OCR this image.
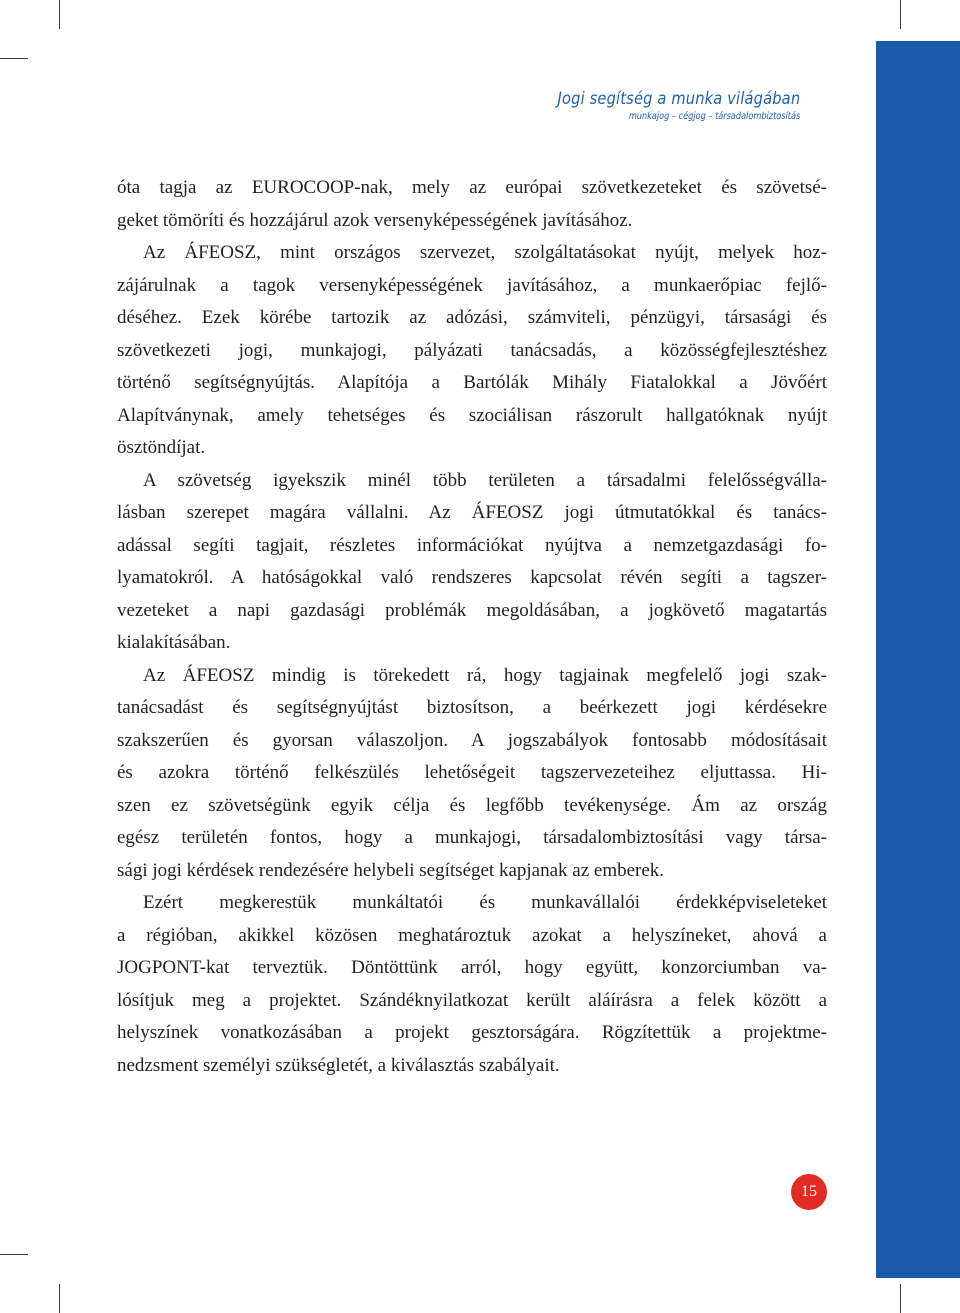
Jogi segítség a munka világában
munkajog – cégjog – társadalombiztosítás

óta tagja az EUROCOOP-nak, mely az európai szövetkezeteket és szövetsé-

geket tömöríti és hozzájárul azok versenyképességének javításához.

Az ÁFEOSZ, mint országos szervezet, szolgáltatásokat nyújt, melyek hoz-

zájárulnak a tagok versenyképességének javításához, a munkaerőpiac fejlő-

déséhez. Ezek körébe tartozik az adózási, számviteli, pénzügyi, társasági és

szövetkezeti jogi, munkajogi, pályázati tanácsadás, a közösségfejlesztéshez

történő segítségnyújtás. Alapítója a Bartólák Mihály Fiatalokkal a Jövőért

Alapítványnak, amely tehetséges és szociálisan rászorult hallgatóknak nyújt

ösztöndíjat.

A szövetség igyekszik minél több területen a társadalmi felelősségválla-

lásban szerepet magára vállalni. Az ÁFEOSZ jogi útmutatókkal és tanács-

adással segíti tagjait, részletes információkat nyújtva a nemzetgazdasági fo-

lyamatokról. A hatóságokkal való rendszeres kapcsolat révén segíti a tagszer-

vezeteket a napi gazdasági problémák megoldásában, a jogkövető magatartás

kialakításában.

Az ÁFEOSZ mindig is törekedett rá, hogy tagjainak megfelelő jogi szak-

tanácsadást és segítségnyújtást biztosítson, a beérkezett jogi kérdésekre

szakszerűen és gyorsan válaszoljon. A jogszabályok fontosabb módosításait

és azokra történő felkészülés lehetőségeit tagszervezeteihez eljuttassa. Hi-

szen ez szövetségünk egyik célja és legfőbb tevékenysége. Ám az ország

egész területén fontos, hogy a munkajogi, társadalombiztosítási vagy társa-

sági jogi kérdések rendezésére helybeli segítséget kapjanak az emberek.

Ezért megkerestük munkáltatói és munkavállalói érdekképviseleteket

a régióban, akikkel közösen meghatároztuk azokat a helyszíneket, ahová a

JOGPONT-kat terveztük. Döntöttünk arról, hogy együtt, konzorciumban va-

lósítjuk meg a projektet. Szándéknyilatkozat került aláírásra a felek között a

helyszínek vonatkozásában a projekt gesztorságára. Rögzítettük a projektme-

nedzsment személyi szükségletét, a kiválasztás szabályait.

15
